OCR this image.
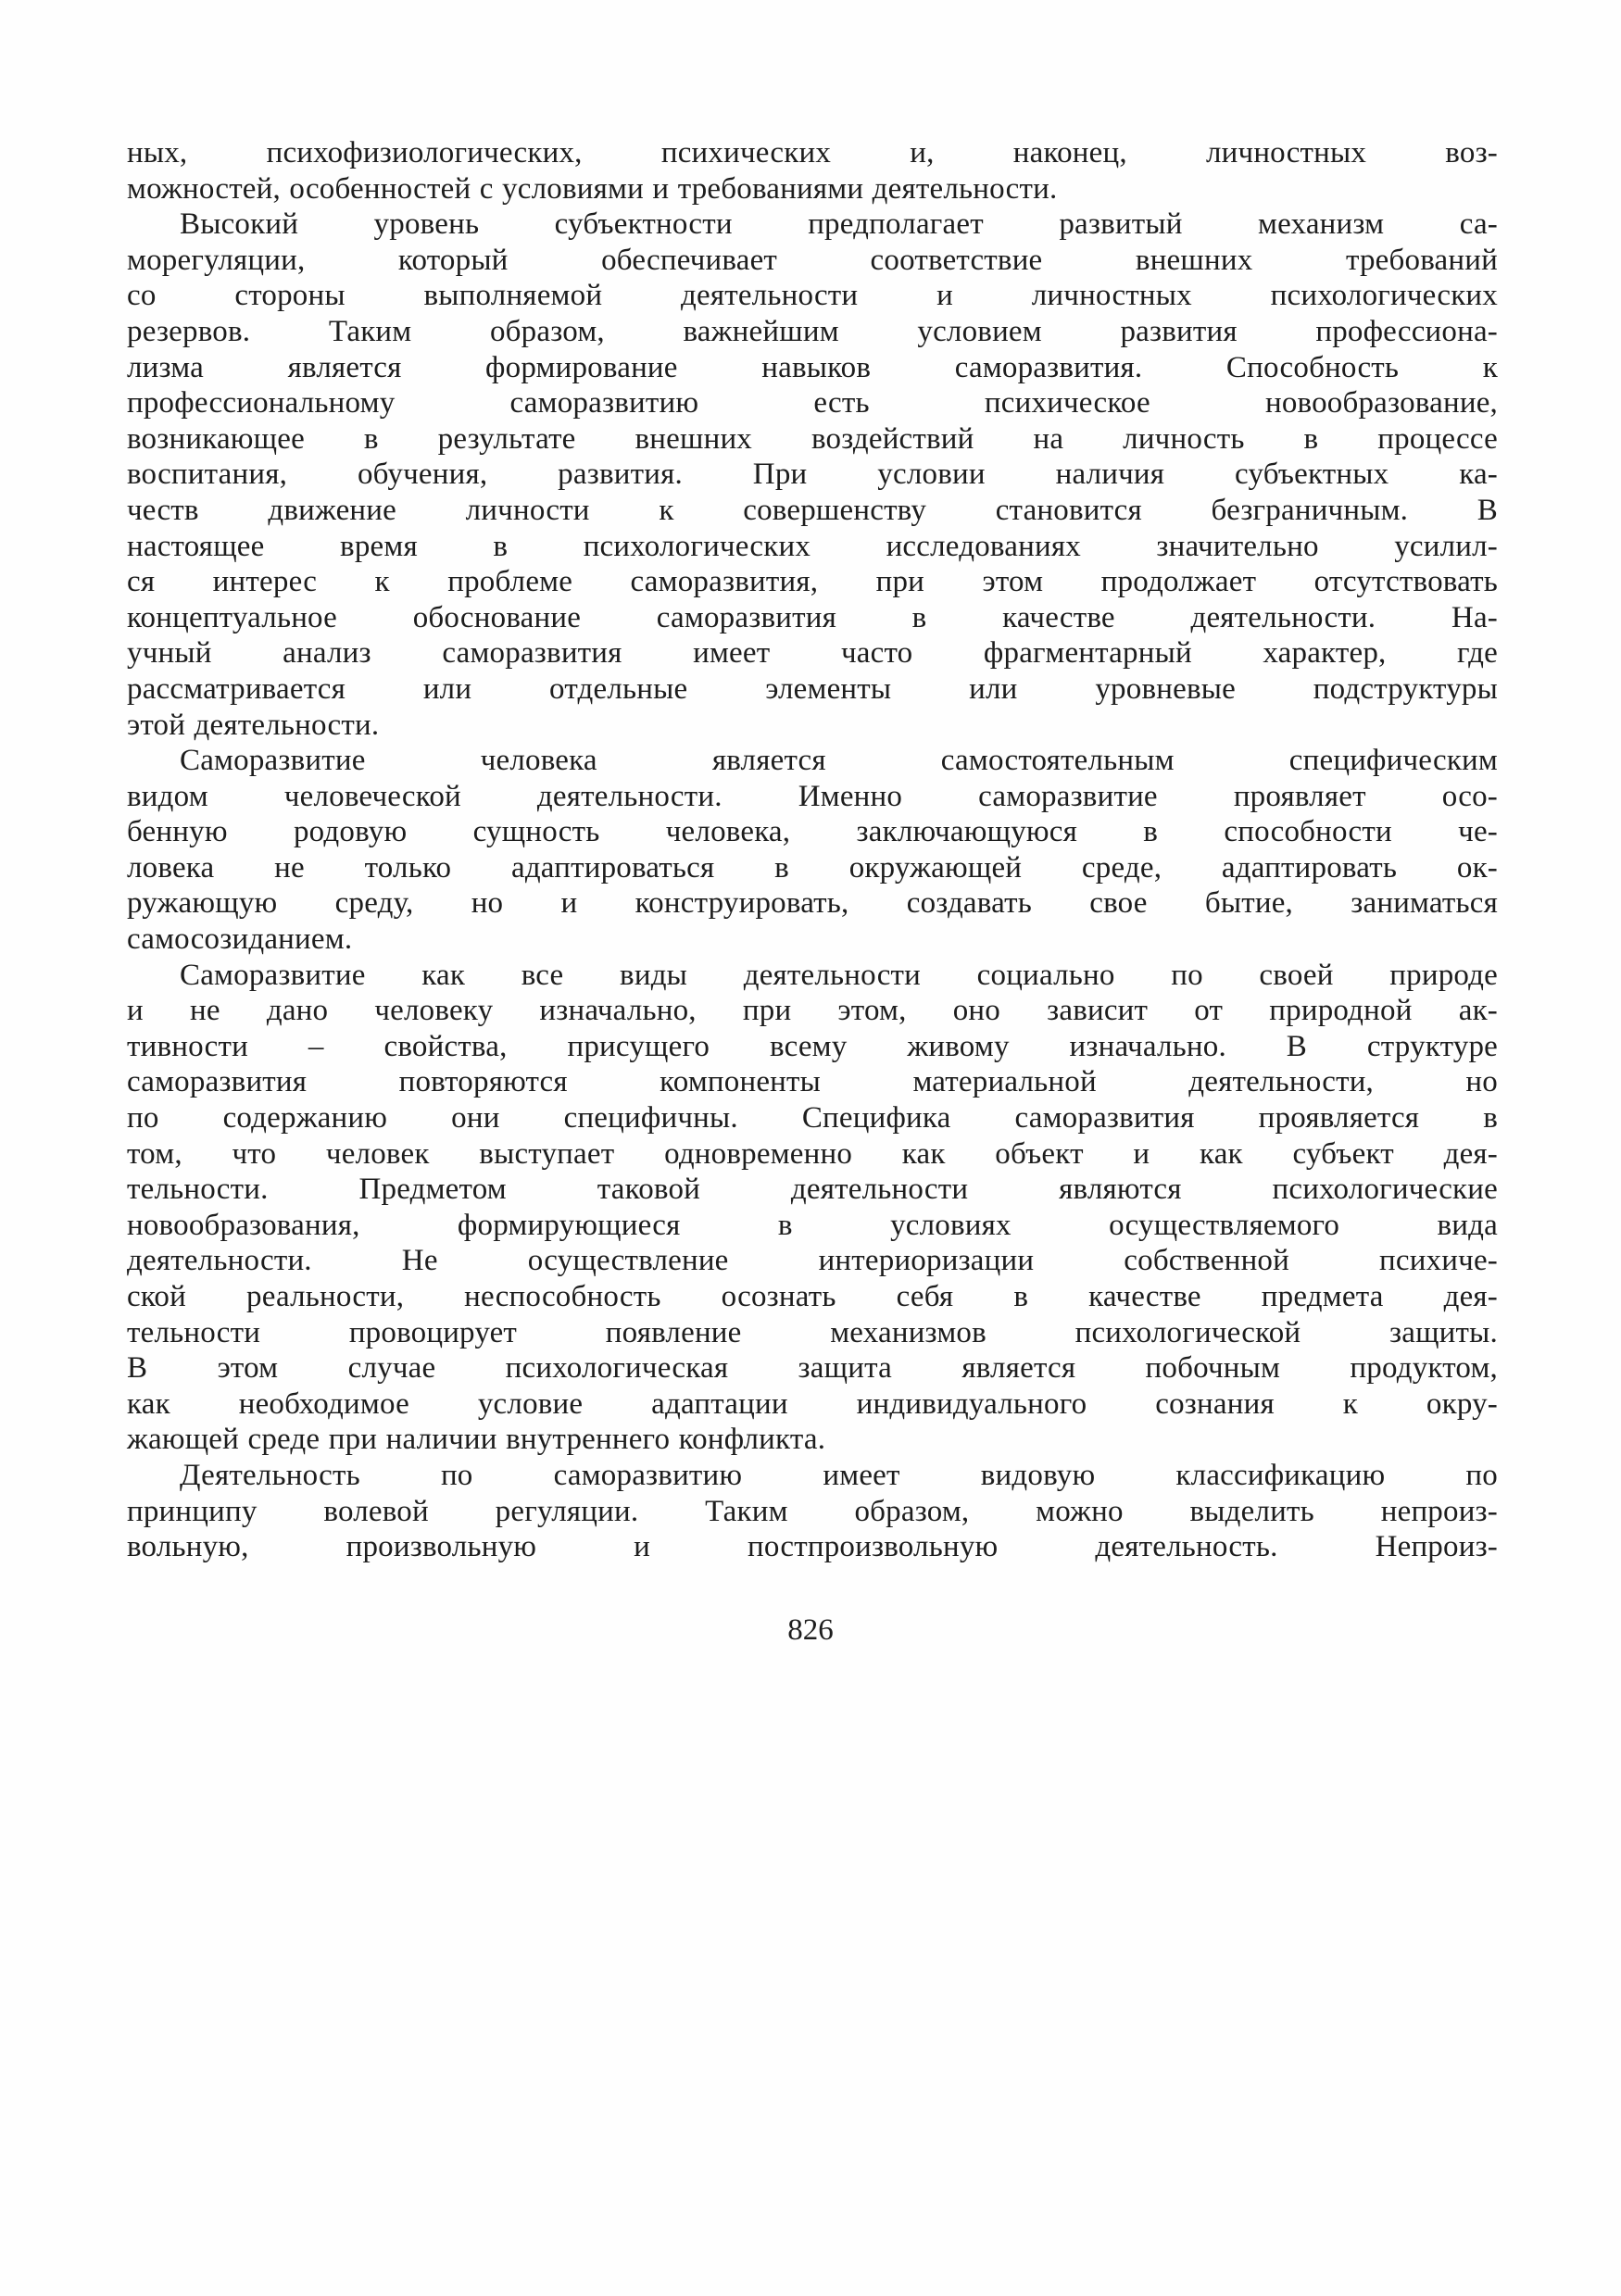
ных, психофизиологических, психических и, наконец, личностных воз-
можностей, особенностей с условиями и требованиями деятельности.
Высокий уровень субъектности предполагает развитый механизм са-
морегуляции, который обеспечивает соответствие внешних требований
со стороны выполняемой деятельности и личностных психологических
резервов. Таким образом, важнейшим условием развития профессиона-
лизма является формирование навыков саморазвития. Способность к
профессиональному саморазвитию есть психическое новообразование,
возникающее в результате внешних воздействий на личность в процессе
воспитания, обучения, развития. При условии наличия субъектных ка-
честв движение личности к совершенству становится безграничным. В
настоящее время в психологических исследованиях значительно усилил-
ся интерес к проблеме саморазвития, при этом продолжает отсутствовать
концептуальное обоснование саморазвития в качестве деятельности. На-
учный анализ саморазвития имеет часто фрагментарный характер, где
рассматривается или отдельные элементы или уровневые подструктуры
этой деятельности.
Саморазвитие человека является самостоятельным специфическим
видом человеческой деятельности. Именно саморазвитие проявляет осо-
бенную родовую сущность человека, заключающуюся в способности че-
ловека не только адаптироваться в окружающей среде, адаптировать ок-
ружающую среду, но и конструировать, создавать свое бытие, заниматься
самосозиданием.
Саморазвитие как все виды деятельности социально по своей природе
и не дано человеку изначально, при этом, оно зависит от природной ак-
тивности – свойства, присущего всему живому изначально. В структуре
саморазвития повторяются компоненты материальной деятельности, но
по содержанию они специфичны. Специфика саморазвития проявляется в
том, что человек выступает одновременно как объект и как субъект дея-
тельности. Предметом таковой деятельности являются психологические
новообразования, формирующиеся в условиях осуществляемого вида
деятельности. Не осуществление интериоризации собственной психиче-
ской реальности, неспособность осознать себя в качестве предмета дея-
тельности провоцирует появление механизмов психологической защиты.
В этом случае психологическая защита является побочным продуктом,
как необходимое условие адаптации индивидуального сознания к окру-
жающей среде при наличии внутреннего конфликта.
Деятельность по саморазвитию имеет видовую классификацию по
принципу волевой регуляции. Таким образом, можно выделить непроиз-
вольную, произвольную и постпроизвольную деятельность. Непроиз-
826
